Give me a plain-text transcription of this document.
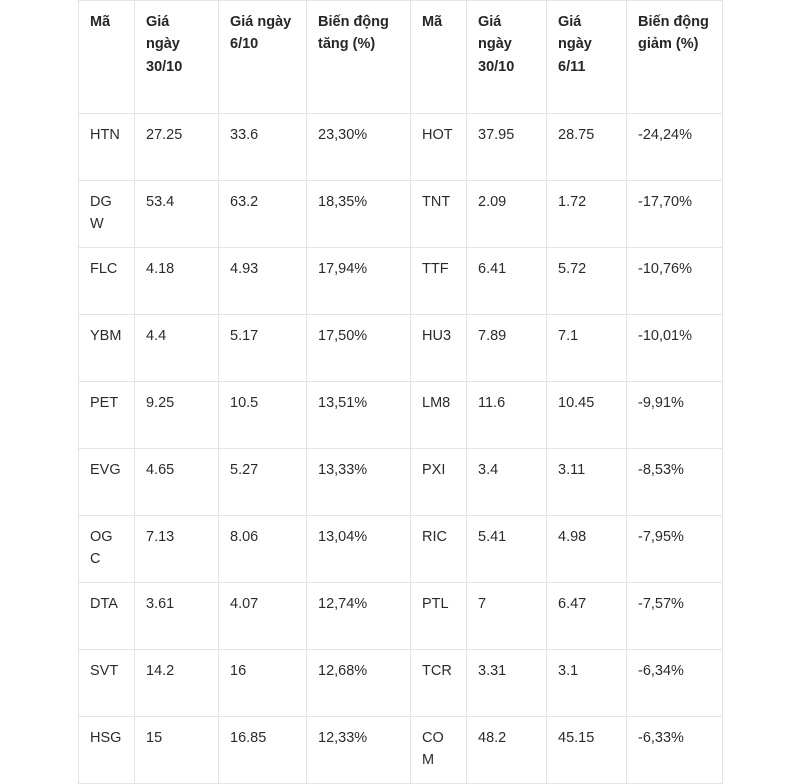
Mã	Giá ngày 30/10	Giá ngày 6/10	Biến động tăng (%)	Mã	Giá ngày 30/10	Giá ngày 6/11	Biến động giảm (%)
HTN	27.25	33.6	23,30%	HOT	37.95	28.75	-24,24%
DGW	53.4	63.2	18,35%	TNT	2.09	1.72	-17,70%
FLC	4.18	4.93	17,94%	TTF	6.41	5.72	-10,76%
YBM	4.4	5.17	17,50%	HU3	7.89	7.1	-10,01%
PET	9.25	10.5	13,51%	LM8	11.6	10.45	-9,91%
EVG	4.65	5.27	13,33%	PXI	3.4	3.11	-8,53%
OGC	7.13	8.06	13,04%	RIC	5.41	4.98	-7,95%
DTA	3.61	4.07	12,74%	PTL	7	6.47	-7,57%
SVT	14.2	16	12,68%	TCR	3.31	3.1	-6,34%
HSG	15	16.85	12,33%	COM	48.2	45.15	-6,33%
